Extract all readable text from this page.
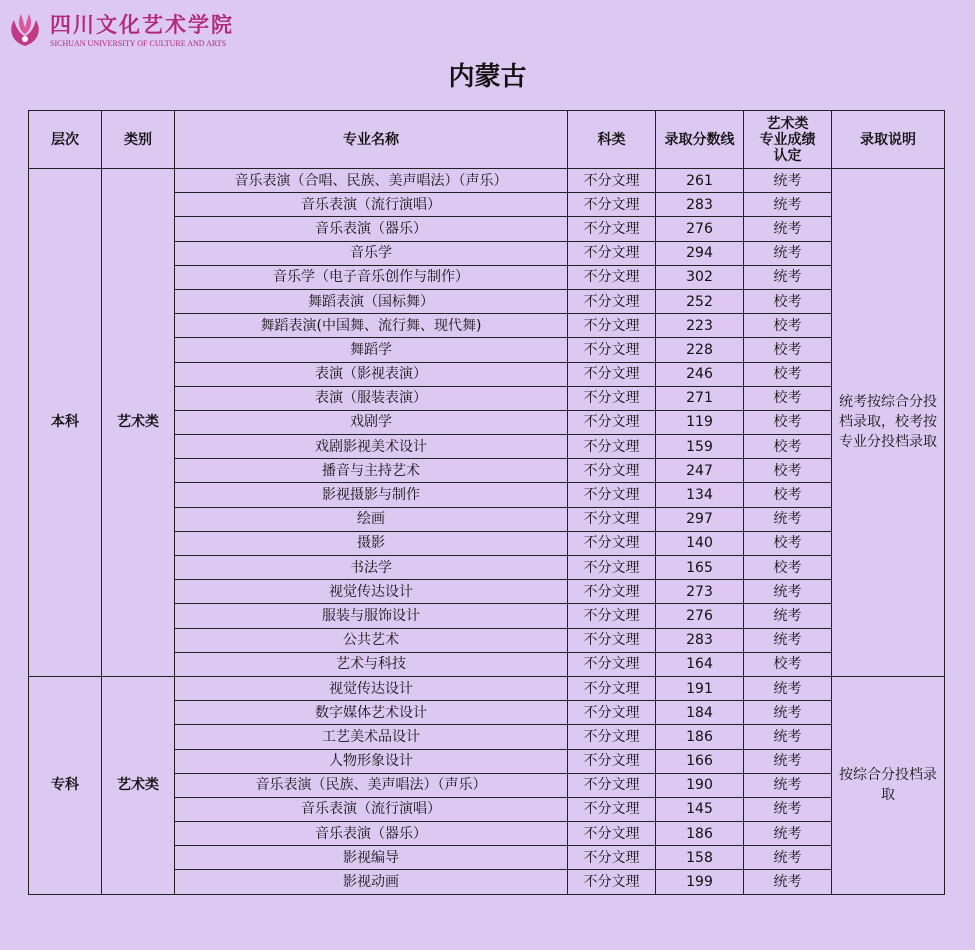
四川文化艺术学院
SICHUAN UNIVERSITY OF CULTURE AND ARTS
内蒙古
层次	类别	专业名称	科类	录取分数线	艺术类
专业成绩
认定	录取说明
本科	艺术类	音乐表演（合唱、民族、美声唱法）（声乐）	不分文理	261	统考	统考按综合分投档录取，校考按专业分投档录取
		音乐表演（流行演唱）	不分文理	283	统考	
		音乐表演（器乐）	不分文理	276	统考	
		音乐学	不分文理	294	统考	
		音乐学（电子音乐创作与制作）	不分文理	302	统考	
		舞蹈表演（国标舞）	不分文理	252	校考	
		舞蹈表演(中国舞、流行舞、现代舞)	不分文理	223	校考	
		舞蹈学	不分文理	228	校考	
		表演（影视表演）	不分文理	246	校考	
		表演（服装表演）	不分文理	271	校考	
		戏剧学	不分文理	119	校考	
		戏剧影视美术设计	不分文理	159	校考	
		播音与主持艺术	不分文理	247	校考	
		影视摄影与制作	不分文理	134	校考	
		绘画	不分文理	297	统考	
		摄影	不分文理	140	校考	
		书法学	不分文理	165	校考	
		视觉传达设计	不分文理	273	统考	
		服装与服饰设计	不分文理	276	统考	
		公共艺术	不分文理	283	统考	
		艺术与科技	不分文理	164	校考	
专科	艺术类	视觉传达设计	不分文理	191	统考	按综合分投档录取
		数字媒体艺术设计	不分文理	184	统考	
		工艺美术品设计	不分文理	186	统考	
		人物形象设计	不分文理	166	统考	
		音乐表演（民族、美声唱法）（声乐）	不分文理	190	统考	
		音乐表演（流行演唱）	不分文理	145	统考	
		音乐表演（器乐）	不分文理	186	统考	
		影视编导	不分文理	158	统考	
		影视动画	不分文理	199	统考	
